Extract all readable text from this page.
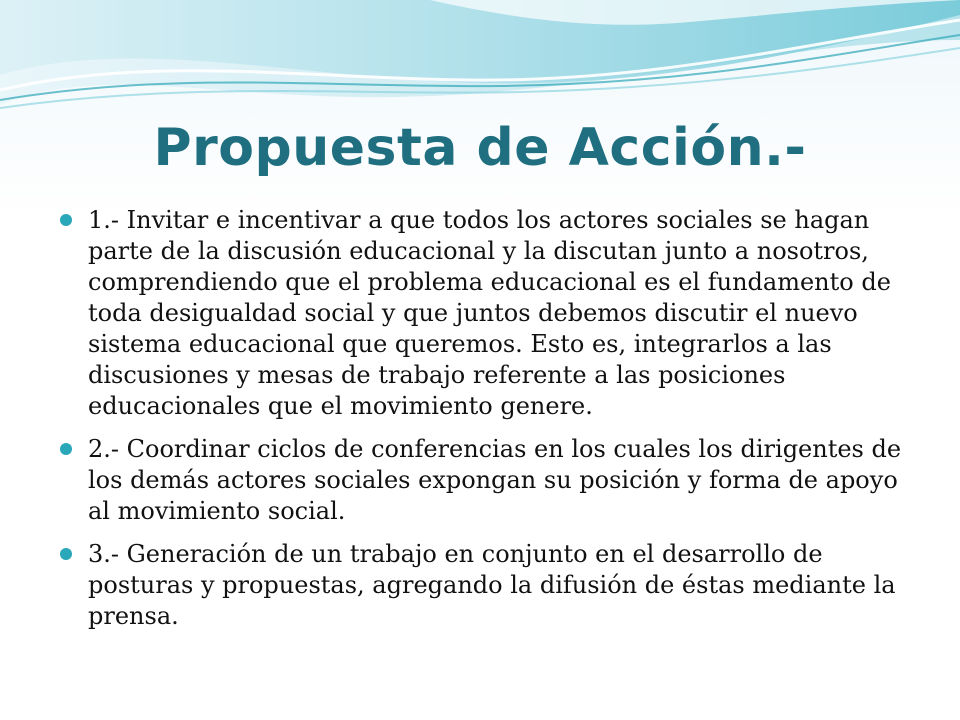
Propuesta de Acción.-
1.- Invitar e incentivar a que todos los actores sociales se hagan parte de la discusión educacional y la discutan junto a nosotros, comprendiendo que el problema educacional es el fundamento de toda desigualdad social y que juntos debemos discutir el nuevo sistema educacional que queremos. Esto es, integrarlos a las discusiones y mesas de trabajo referente a las posiciones educacionales que el movimiento genere.
2.- Coordinar ciclos de conferencias en los cuales los dirigentes de los demás actores sociales expongan su posición y forma de apoyo al movimiento social.
3.- Generación de un trabajo en conjunto en el desarrollo de posturas y propuestas, agregando la difusión de éstas mediante la prensa.
